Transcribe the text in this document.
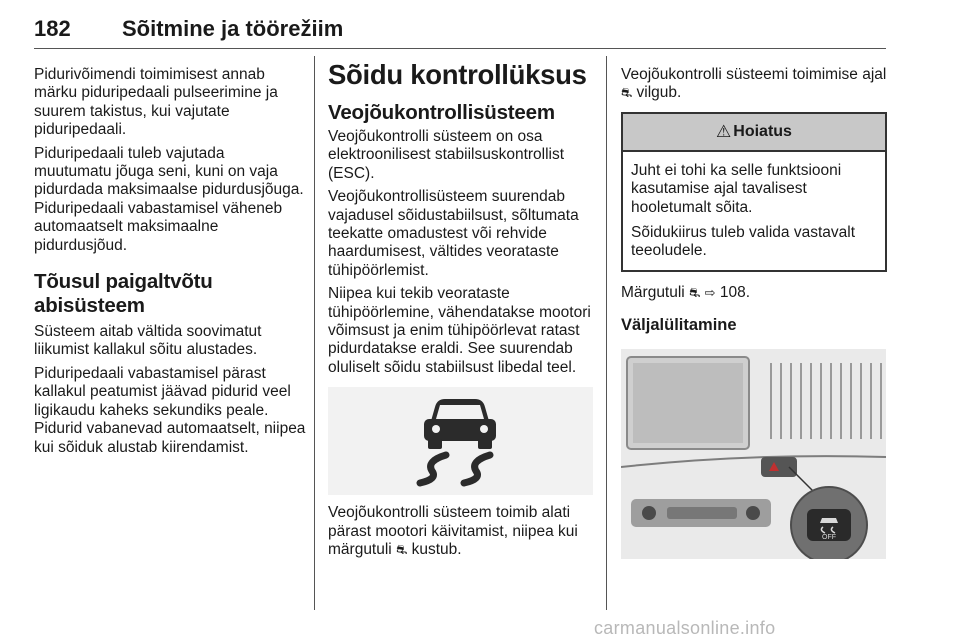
182 Sõitmine ja töörežiim

Pidurivõimendi toimimisest annab märku piduripedaali pulseerimine ja suurem takistus, kui vajutate piduripedaali.

Piduripedaali tuleb vajutada muutumatu jõuga seni, kuni on vaja pidurdada maksimaalse pidurdusjõuga. Piduripedaali vabastamisel väheneb automaatselt maksimaalne pidurdusjõud.

Tõusul paigaltvõtu abisüsteem

Süsteem aitab vältida soovimatut liikumist kallakul sõitu alustades.

Piduripedaali vabastamisel pärast kallakul peatumist jäävad pidurid veel ligikaudu kaheks sekundiks peale. Pidurid vabanevad automaatselt, niipea kui sõiduk alustab kiirendamist.

Sõidu kontrollüksus
Veojõukontrollisüsteem

Veojõukontrolli süsteem on osa elektroonilisest stabiilsuskontrollist (ESC).

Veojõukontrollisüsteem suurendab vajadusel sõidustabiilsust, sõltumata teekatte omadustest või rehvide haardumisest, vältides veorataste tühipöörlemist.

Niipea kui tekib veorataste tühipöörlemine, vähendatakse mootori võimsust ja enim tühipöörlevat ratast pidurdatakse eraldi. See suurendab oluliselt sõidu stabiilsust libedal teel.

Veojõukontrolli süsteem toimib alati pärast mootori käivitamist, niipea kui märgutuli ⛐ kustub.

Veojõukontrolli süsteemi toimimise ajal ⛐ vilgub.

⚠ Hoiatus

Juht ei tohi ka selle funktsiooni kasutamise ajal tavalisest hooletumalt sõita.

Sõidukiirus tuleb valida vastavalt teeoludele.

Märgutuli ⛐ ⇨ 108.

Väljalülitamine
OFF
carmanualsonline.info
